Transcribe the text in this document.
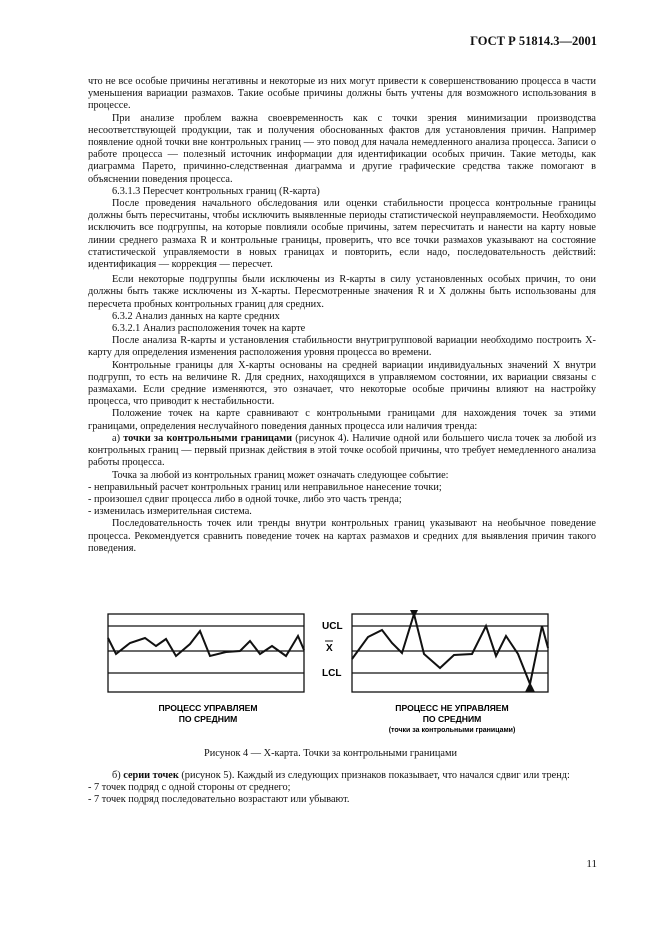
ГОСТ Р 51814.3—2001

что не все особые причины негативны и некоторые из них могут привести к совершенствованию процесса в части уменьшения вариации размахов. Такие особые причины должны быть учтены для возможного использования в процессе.

При анализе проблем важна своевременность как с точки зрения минимизации производства несоответствующей продукции, так и получения обоснованных фактов для установления причин. Например появление одной точки вне контрольных границ — это повод для начала немедленного анализа процесса. Записи о работе процесса — полезный источник информации для идентификации особых причин. Такие методы, как диаграмма Парето, причинно-следственная диаграмма и другие графические средства также помогают в объяснении поведения процесса.

6.3.1.3 Пересчет контрольных границ (R-карта)

После проведения начального обследования или оценки стабильности процесса контрольные границы должны быть пересчитаны, чтобы исключить выявленные периоды статистической неуправляемости. Необходимо исключить все подгруппы, на которые повлияли особые причины, затем пересчитать и нанести на карту новые линии среднего размаха R и контрольные границы, проверить, что все точки размахов указывают на состояние статистической управляемости в новых границах и повторить, если надо, последовательность действий: идентификация — коррекция — пересчет.

Если некоторые подгруппы были исключены из R-карты в силу установленных особых причин, то они должны быть также исключены из X-карты. Пересмотренные значения R и X должны быть использованы для пересчета пробных контрольных границ для средних.

6.3.2 Анализ данных на карте средних

6.3.2.1 Анализ расположения точек на карте

После анализа R-карты и установления стабильности внутригрупповой вариации необходимо построить X-карту для определения изменения расположения уровня процесса во времени.

Контрольные границы для X-карты основаны на средней вариации индивидуальных значений X внутри подгрупп, то есть на величине R. Для средних, находящихся в управляемом состоянии, их вариации связаны с размахами. Если средние изменяются, это означает, что некоторые особые причины влияют на настройку процесса, что приводит к нестабильности.

Положение точек на карте сравнивают с контрольными границами для нахождения точек за этими границами, определения неслучайного поведения данных процесса или наличия тренда:

а) точки за контрольными границами (рисунок 4). Наличие одной или большего числа точек за любой из контрольных границ — первый признак действия в этой точке особой причины, что требует немедленного анализа работы процесса.

Точка за любой из контрольных границ может означать следующее событие:

- неправильный расчет контрольных границ или неправильное нанесение точки;

- произошел сдвиг процесса либо в одной точке, либо это часть тренда;

- изменилась измерительная система.

Последовательность точек или тренды внутри контрольных границ указывают на необычное поведение процесса. Рекомендуется сравнить поведение точек на картах размахов и средних для выявления причин такого поведения.

UCL
X
LCL
ПРОЦЕСС УПРАВЛЯЕМ
ПО СРЕДНИМ
ПРОЦЕСС НЕ УПРАВЛЯЕМ
ПО СРЕДНИМ
(точки за контрольными границами)
Рисунок 4 — X-карта. Точки за контрольными границами

б) серии точек (рисунок 5). Каждый из следующих признаков показывает, что начался сдвиг или тренд:

- 7 точек подряд с одной стороны от среднего;

- 7 точек подряд последовательно возрастают или убывают.

11
